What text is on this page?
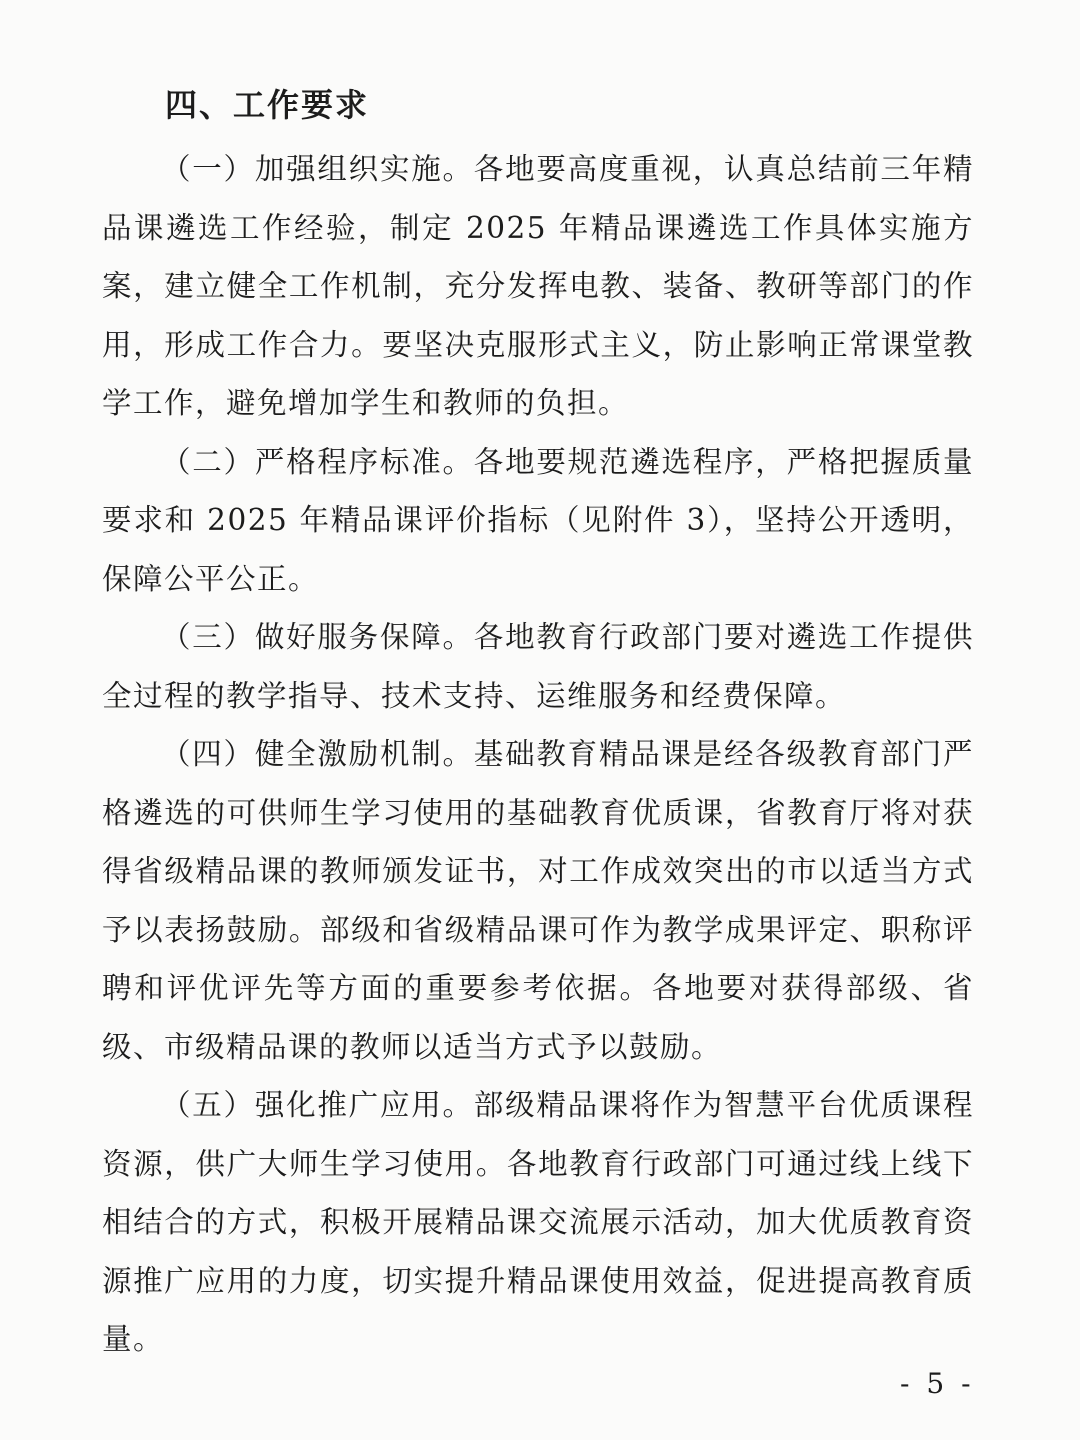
四、工作要求

（一）加强组织实施。各地要高度重视，认真总结前三年精品课遴选工作经验，制定 2025 年精品课遴选工作具体实施方案，建立健全工作机制，充分发挥电教、装备、教研等部门的作用，形成工作合力。要坚决克服形式主义，防止影响正常课堂教学工作，避免增加学生和教师的负担。

（二）严格程序标准。各地要规范遴选程序，严格把握质量要求和 2025 年精品课评价指标（见附件 3），坚持公开透明，保障公平公正。

（三）做好服务保障。各地教育行政部门要对遴选工作提供全过程的教学指导、技术支持、运维服务和经费保障。

（四）健全激励机制。基础教育精品课是经各级教育部门严格遴选的可供师生学习使用的基础教育优质课，省教育厅将对获得省级精品课的教师颁发证书，对工作成效突出的市以适当方式予以表扬鼓励。部级和省级精品课可作为教学成果评定、职称评聘和评优评先等方面的重要参考依据。各地要对获得部级、省级、市级精品课的教师以适当方式予以鼓励。

（五）强化推广应用。部级精品课将作为智慧平台优质课程资源，供广大师生学习使用。各地教育行政部门可通过线上线下相结合的方式，积极开展精品课交流展示活动，加大优质教育资源推广应用的力度，切实提升精品课使用效益，促进提高教育质量。

- 5 -
